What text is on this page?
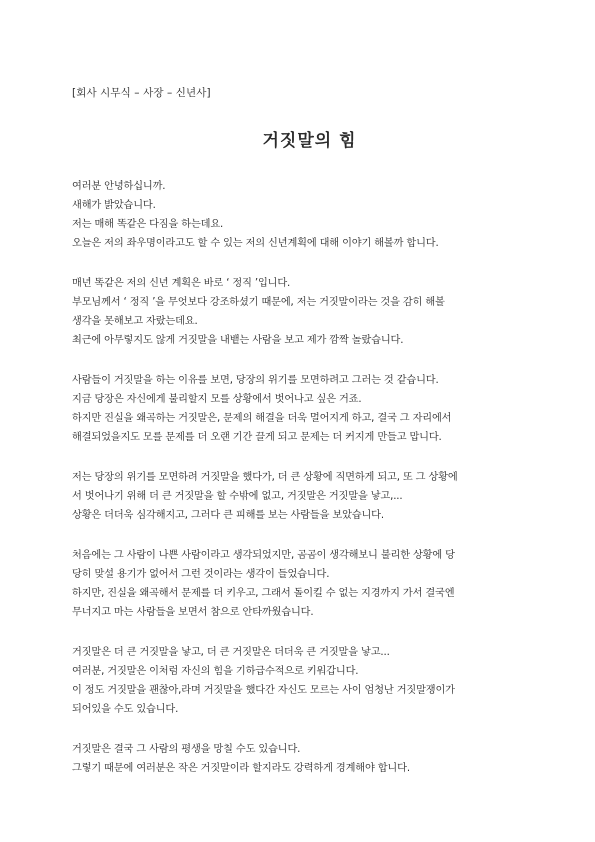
[회사 시무식 – 사장 – 신년사]
거짓말의 힘
여러분 안녕하십니까.
새해가 밝았습니다.
저는 매해 똑같은 다짐을 하는데요.
오늘은 저의 좌우명이라고도 할 수 있는 저의 신년계획에 대해 이야기 해볼까 합니다.
매년 똑같은 저의 신년 계획은 바로 ‘ 정직 ’입니다.
부모님께서 ‘ 정직 ’을 무엇보다 강조하셨기 때문에, 저는 거짓말이라는 것을 감히 해볼
생각을 못해보고 자랐는데요.
최근에 아무렇지도 않게 거짓말을 내뱉는 사람을 보고 제가 깜짝 놀랐습니다.
사람들이 거짓말을 하는 이유를 보면, 당장의 위기를 모면하려고 그러는 것 같습니다.
지금 당장은 자신에게 불리할지 모를 상황에서 벗어나고 싶은 거죠.
하지만 진실을 왜곡하는 거짓말은, 문제의 해결을 더욱 멀어지게 하고, 결국 그 자리에서
해결되었을지도 모를 문제를 더 오랜 기간 끌게 되고 문제는 더 커지게 만들고 맙니다.
저는 당장의 위기를 모면하려 거짓말을 했다가, 더 큰 상황에 직면하게 되고, 또 그 상황에
서 벗어나기 위해 더 큰 거짓말을 할 수밖에 없고, 거짓말은 거짓말을 낳고,...
상황은 더더욱 심각해지고, 그러다 큰 피해를 보는 사람들을 보았습니다.
처음에는 그 사람이 나쁜 사람이라고 생각되었지만, 곰곰이 생각해보니 불리한 상황에 당
당히 맞설 용기가 없어서 그런 것이라는 생각이 들었습니다.
하지만, 진실을 왜곡해서 문제를 더 키우고, 그래서 돌이킬 수 없는 지경까지 가서 결국엔
무너지고 마는 사람들을 보면서 참으로 안타까웠습니다.
거짓말은 더 큰 거짓말을 낳고, 더 큰 거짓말은 더더욱 큰 거짓말을 낳고...
여러분, 거짓말은 이처럼 자신의 힘을 기하급수적으로 키워갑니다.
이 정도 거짓말을 괜찮아,라며 거짓말을 했다간 자신도 모르는 사이 엄청난 거짓말쟁이가
되어있을 수도 있습니다.
거짓말은 결국 그 사람의 평생을 망칠 수도 있습니다.
그렇기 때문에 여러분은 작은 거짓말이라 할지라도 강력하게 경계해야 합니다.
